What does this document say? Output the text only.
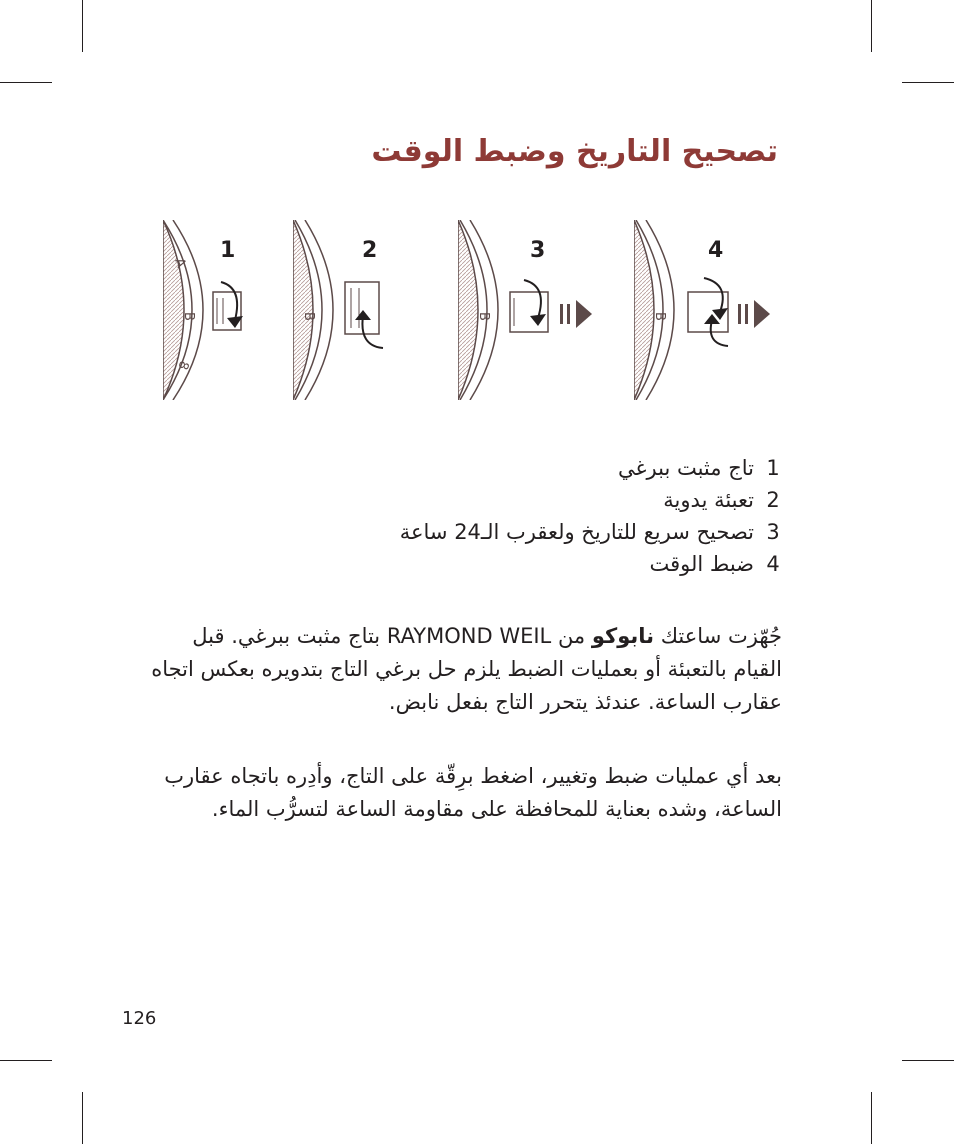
تصحيح التاريخ وضبط الوقت
A
B
8
1
B
2
B
3
B
4
1
تاج مثبت ببرغي
2
تعبئة يدوية
3
تصحيح سريع للتاريخ ولعقرب الـ24 ساعة
4
ضبط الوقت

جُهّزت ساعتك نابوكو من RAYMOND WEIL بتاج مثبت ببرغي. قبل القيام بالتعبئة أو بعمليات الضبط يلزم حل برغي التاج بتدويره بعكس اتجاه عقارب الساعة. عندئذ يتحرر التاج بفعل نابض.

بعد أي عمليات ضبط وتغيير، اضغط برِقّة على التاج، وأدِره باتجاه عقارب الساعة، وشده بعناية للمحافظة على مقاومة الساعة لتسرُّب الماء.

126
